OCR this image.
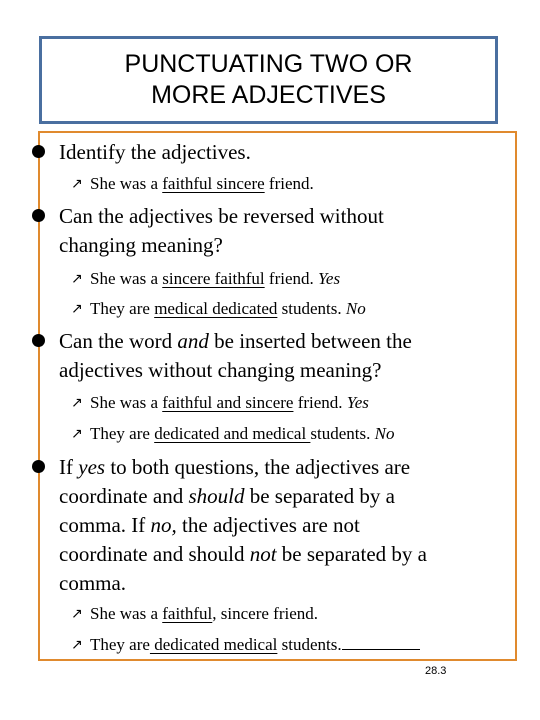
PUNCTUATING TWO OR
MORE ADJECTIVES
Identify the adjectives.
↗ She was a faithful sincere friend.
Can the adjectives be reversed without
changing meaning?
↗ She was a sincere faithful friend. Yes
↗ They are medical dedicated students. No
Can the word and be inserted between the
adjectives without changing meaning?
↗ She was a faithful and sincere friend. Yes
↗ They are dedicated and medical students. No
If yes to both questions, the adjectives are
coordinate and should be separated by a
comma. If no, the adjectives are not
coordinate and should not be separated by a
comma.
↗ She was a faithful, sincere friend.
↗ They are dedicated medical students.
28.3
